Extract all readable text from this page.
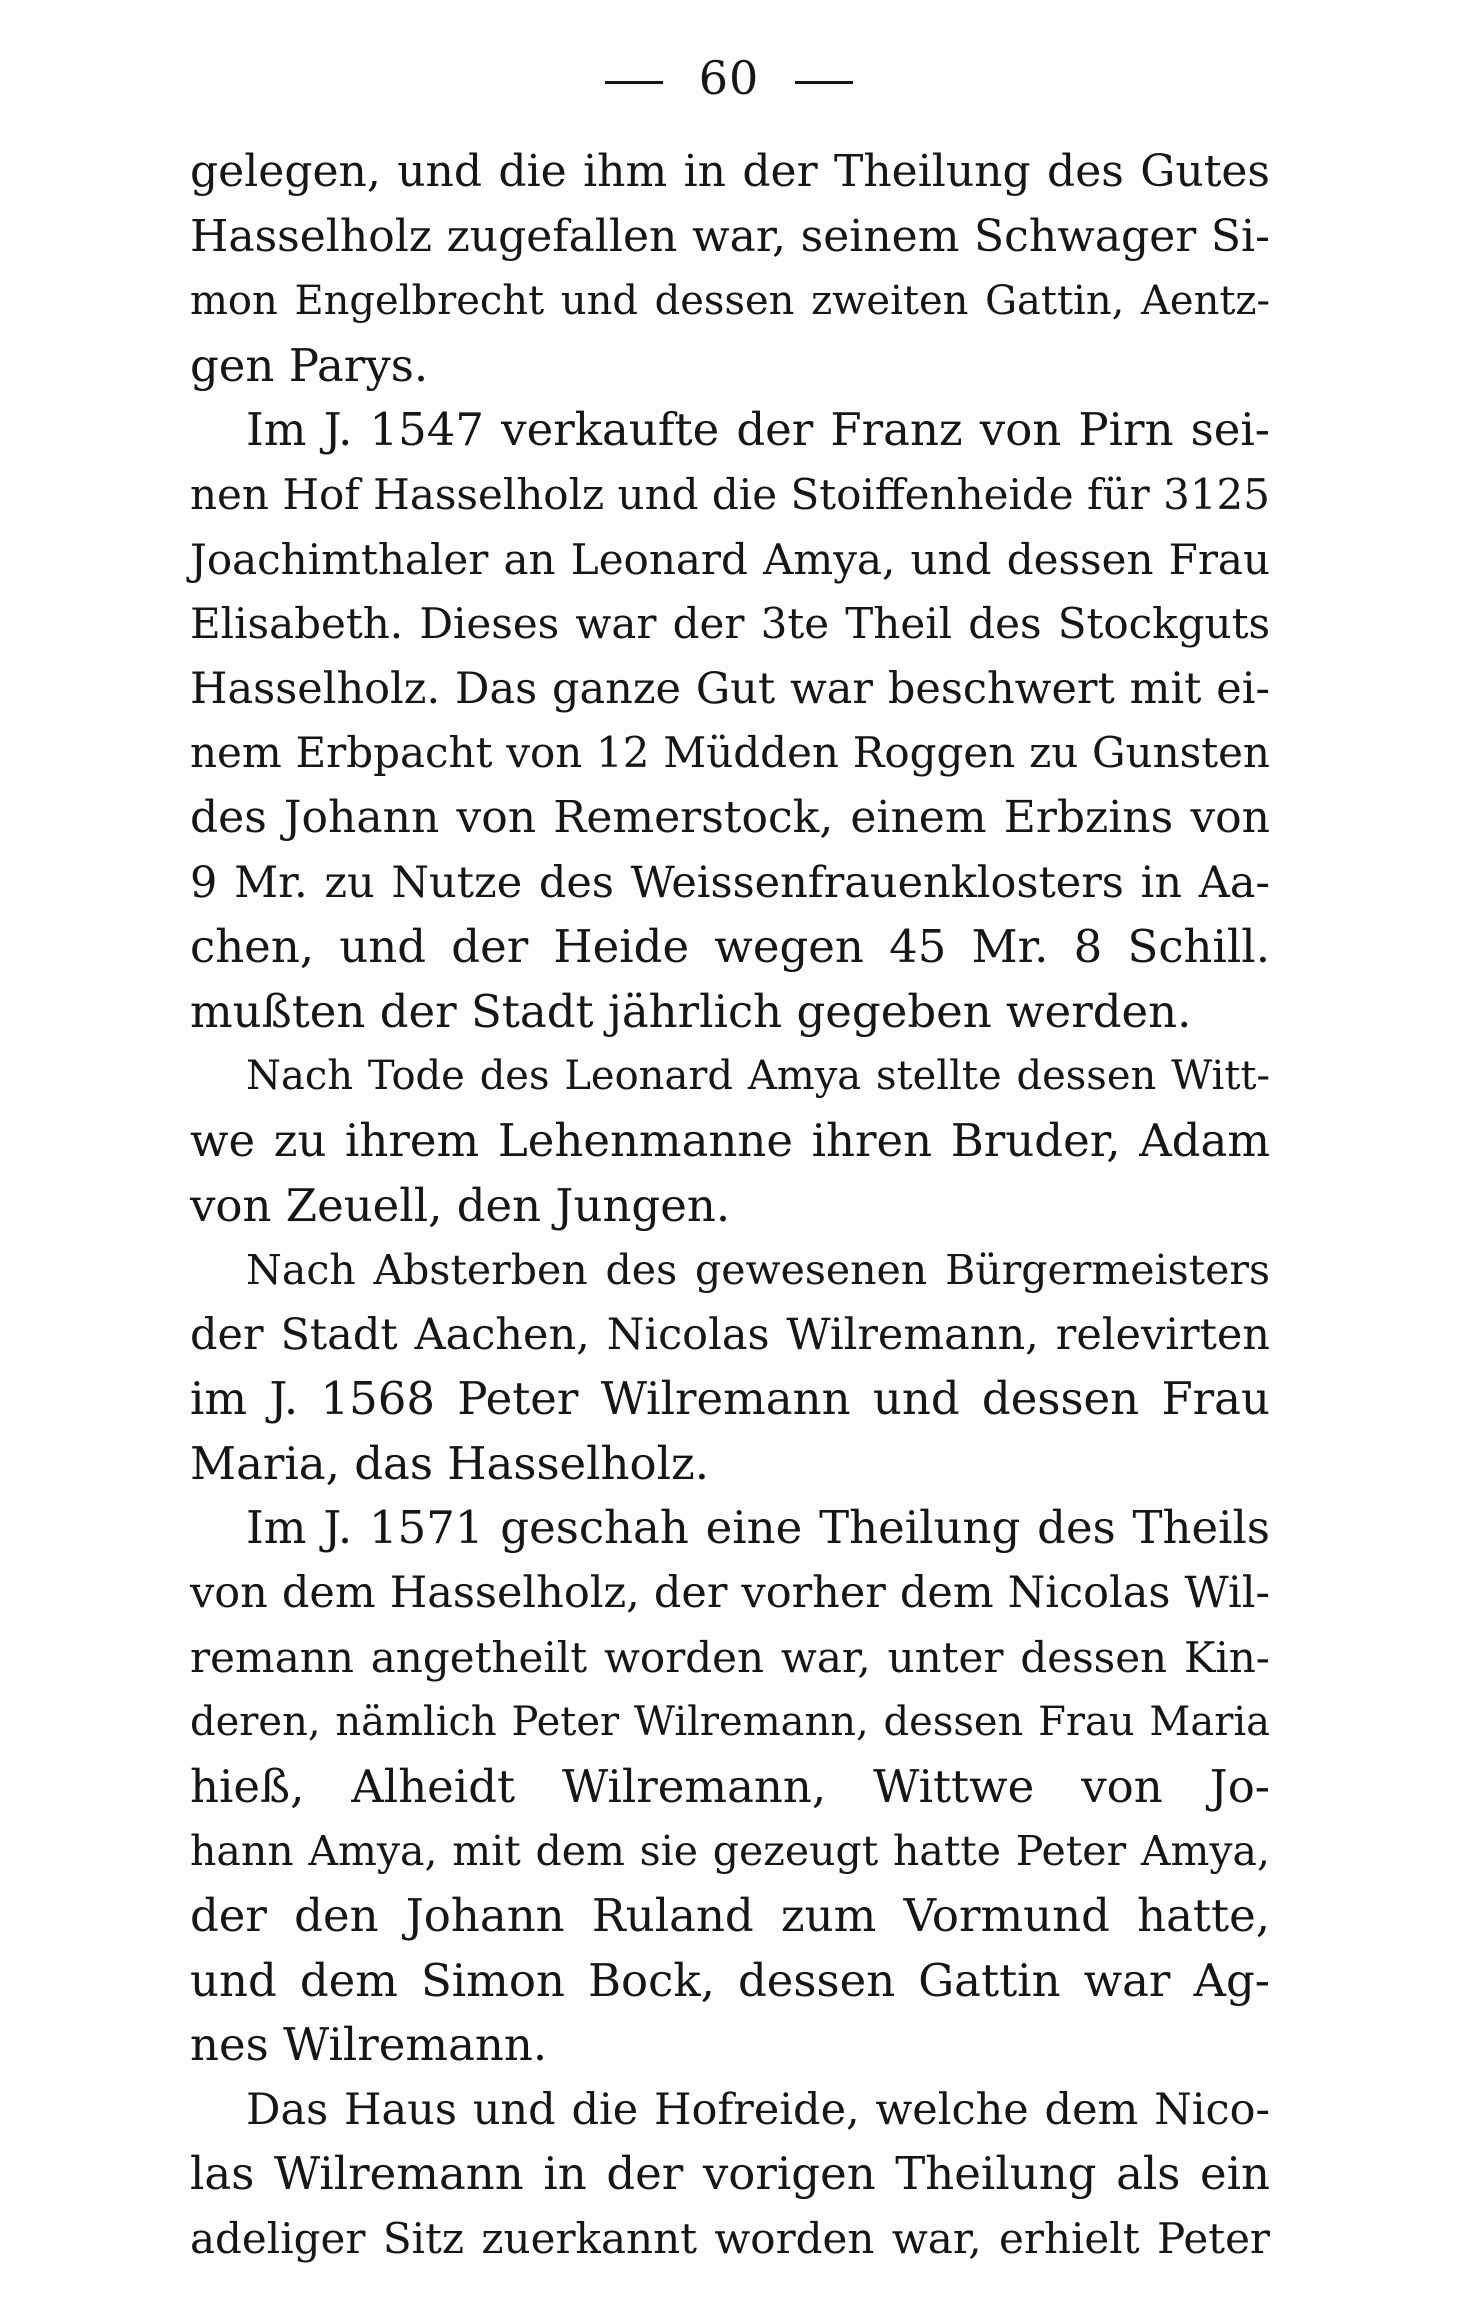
60
gelegen, und die ihm in der Theilung des Gutes
Hasselholz zugefallen war, seinem Schwager Si-
mon Engelbrecht und dessen zweiten Gattin, Aentz-
gen Parys.
Im J. 1547 verkaufte der Franz von Pirn sei-
nen Hof Hasselholz und die Stoiffenheide für 3125
Joachimthaler an Leonard Amya, und dessen Frau
Elisabeth. Dieses war der 3te Theil des Stockguts
Hasselholz. Das ganze Gut war beschwert mit ei-
nem Erbpacht von 12 Müdden Roggen zu Gunsten
des Johann von Remerstock, einem Erbzins von
9 Mr. zu Nutze des Weissenfrauenklosters in Aa-
chen, und der Heide wegen 45 Mr. 8 Schill.
mußten der Stadt jährlich gegeben werden.
Nach Tode des Leonard Amya stellte dessen Witt-
we zu ihrem Lehenmanne ihren Bruder, Adam
von Zeuell, den Jungen.
Nach Absterben des gewesenen Bürgermeisters
der Stadt Aachen, Nicolas Wilremann, relevirten
im J. 1568 Peter Wilremann und dessen Frau
Maria, das Hasselholz.
Im J. 1571 geschah eine Theilung des Theils
von dem Hasselholz, der vorher dem Nicolas Wil-
remann angetheilt worden war, unter dessen Kin-
deren, nämlich Peter Wilremann, dessen Frau Maria
hieß, Alheidt Wilremann, Wittwe von Jo-
hann Amya, mit dem sie gezeugt hatte Peter Amya,
der den Johann Ruland zum Vormund hatte,
und dem Simon Bock, dessen Gattin war Ag-
nes Wilremann.
Das Haus und die Hofreide, welche dem Nico-
las Wilremann in der vorigen Theilung als ein
adeliger Sitz zuerkannt worden war, erhielt Peter
